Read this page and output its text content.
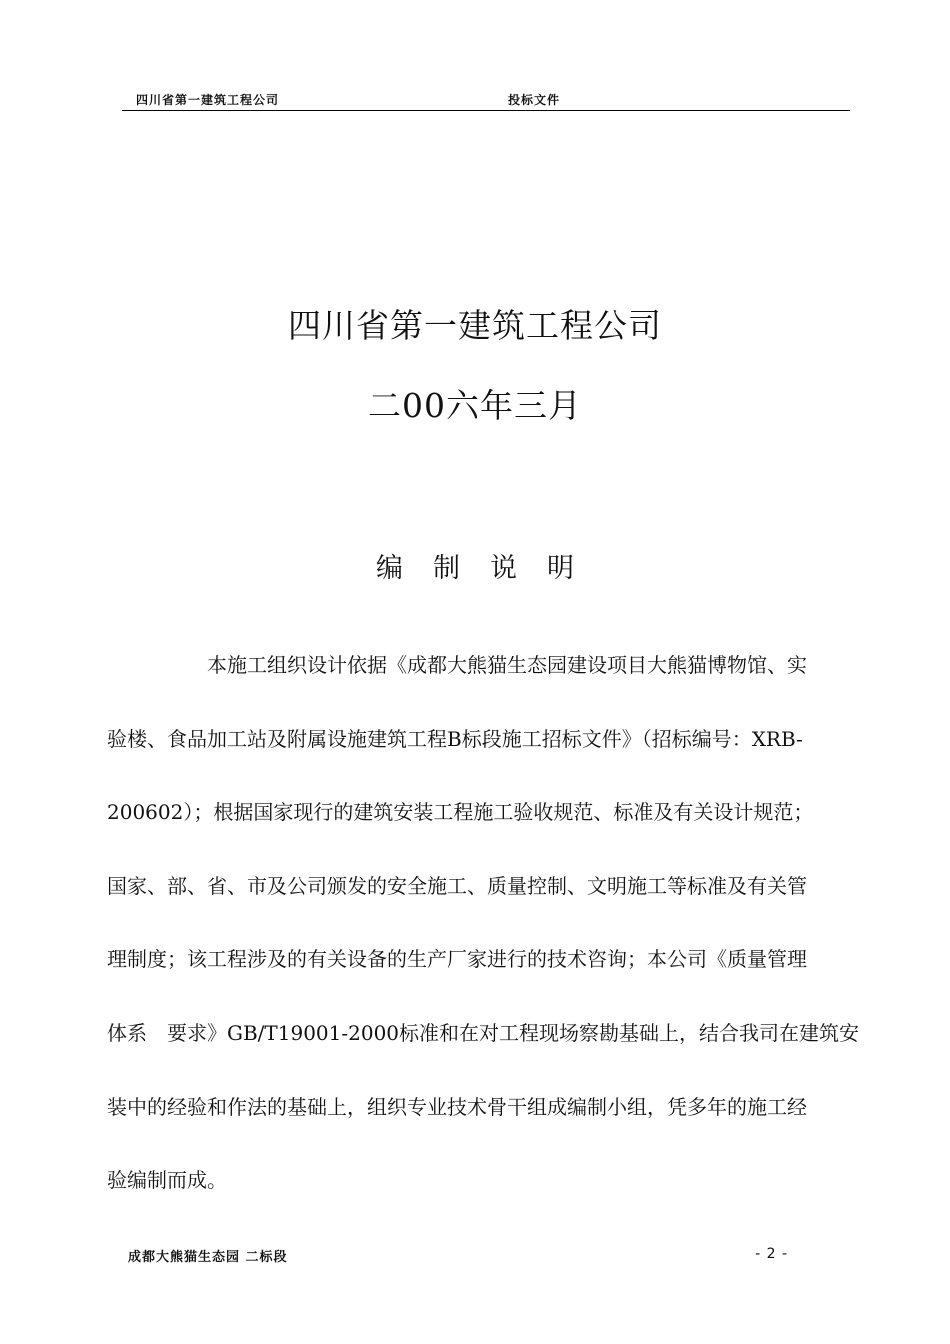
四川省第一建筑工程公司	投标文件
四川省第一建筑工程公司
二00六年三月
编制说明
本施工组织设计依据《成都大熊猫生态园建设项目大熊猫博物馆、实
验楼、食品加工站及附属设施建筑工程B标段施工招标文件》（招标编号：XRB-
200602）；根据国家现行的建筑安装工程施工验收规范、标准及有关设计规范；
国家、部、省、市及公司颁发的安全施工、质量控制、文明施工等标准及有关管
理制度；该工程涉及的有关设备的生产厂家进行的技术咨询；本公司《质量管理
体系　要求》GB/T19001-2000标准和在对工程现场察勘基础上，结合我司在建筑安
装中的经验和作法的基础上，组织专业技术骨干组成编制小组，凭多年的施工经
验编制而成。
成都大熊猫生态园 二标段	- 2 -
